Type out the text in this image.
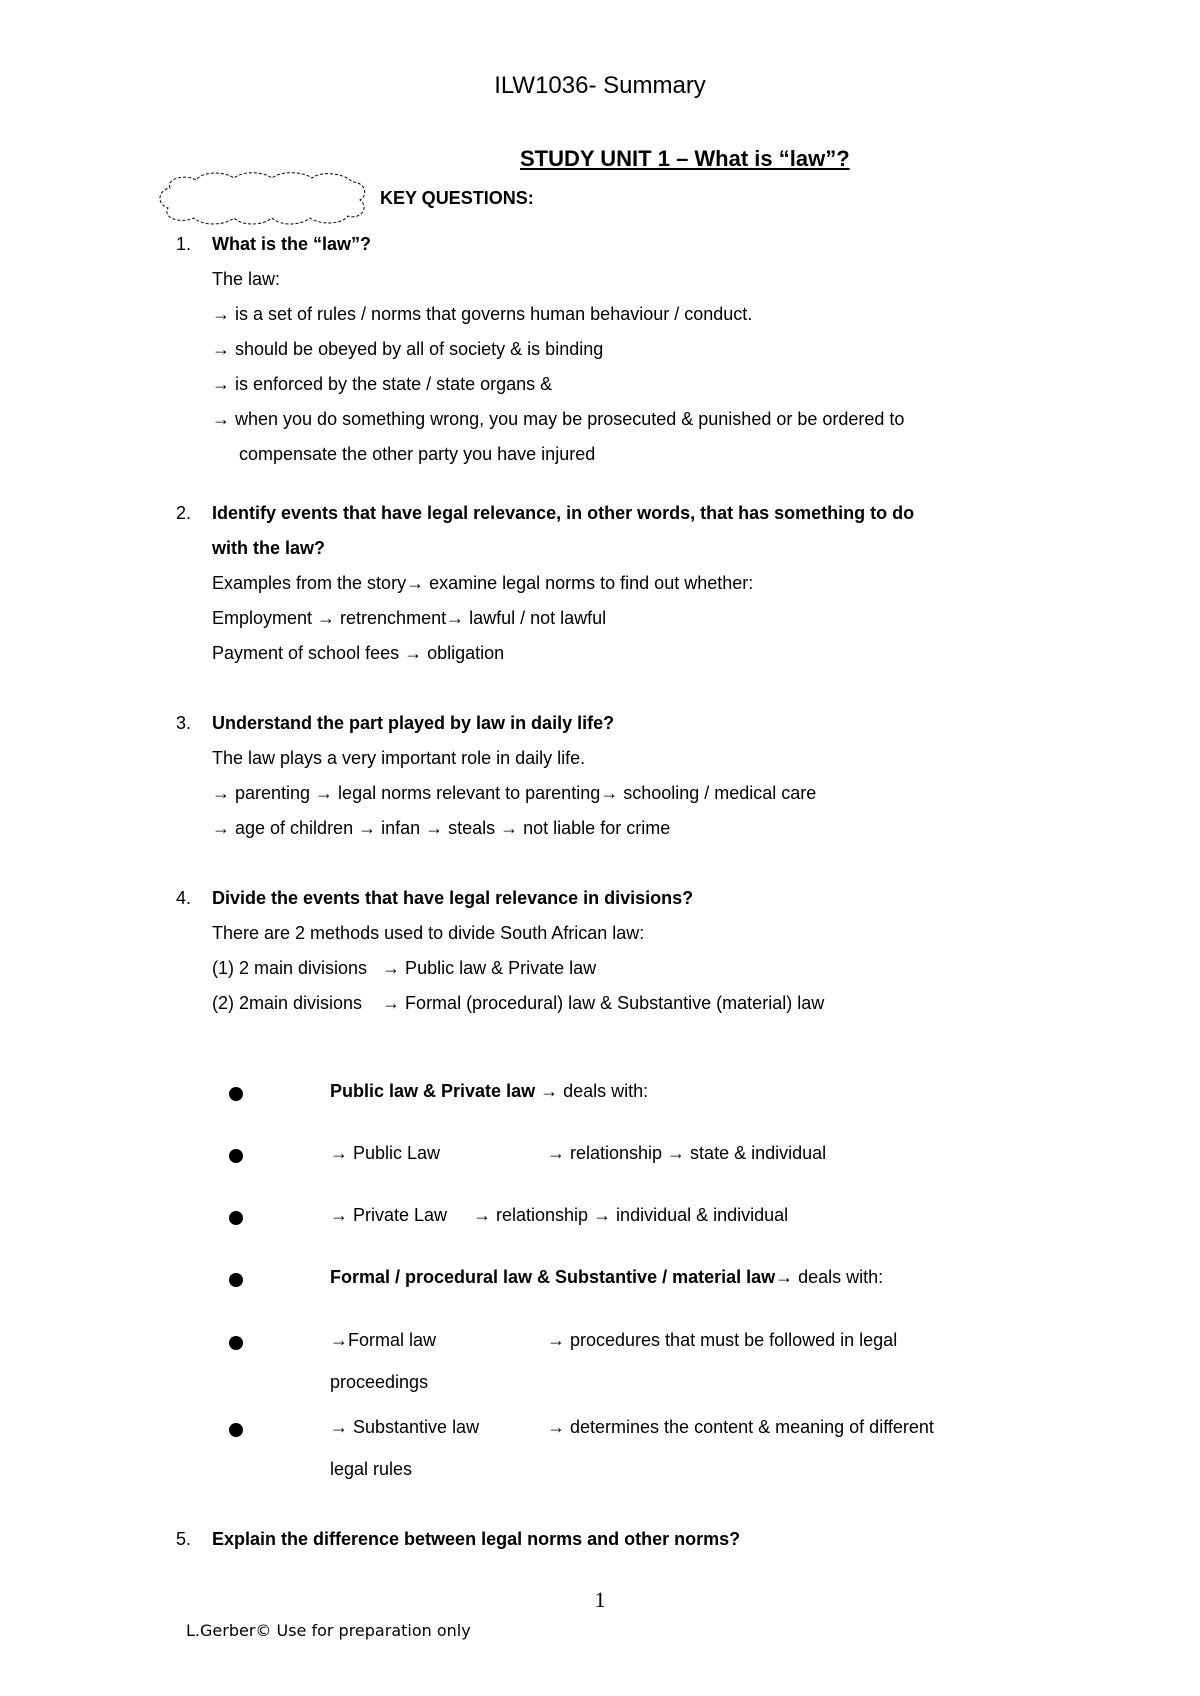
ILW1036- Summary
STUDY UNIT 1 – What is “law”?
KEY QUESTIONS:
1. What is the “law”?
The law:
→ is a set of rules / norms that governs human behaviour / conduct.
→ should be obeyed by all of society & is binding
→ is enforced by the state / state organs &
→ when you do something wrong, you may be prosecuted & punished or be ordered to
compensate the other party you have injured
2. Identify events that have legal relevance, in other words, that has something to do
with the law?
Examples from the story→ examine legal norms to find out whether:
Employment → retrenchment→ lawful / not lawful
Payment of school fees → obligation
3. Understand the part played by law in daily life?
The law plays a very important role in daily life.
→ parenting → legal norms relevant to parenting→ schooling / medical care
→ age of children → infan → steals → not liable for crime
4. Divide the events that have legal relevance in divisions?
There are 2 methods used to divide South African law:
(1) 2 main divisions   → Public law & Private law
(2) 2main divisions    → Formal (procedural) law & Substantive (material) law
Public law & Private law → deals with:
→ Public Law	→ relationship → state & individual
→ Private Law → relationship → individual & individual
Formal / procedural law & Substantive / material law→ deals with:
→Formal law	→ procedures that must be followed in legal
proceedings
→ Substantive law	→ determines the content & meaning of different
legal rules
5. Explain the difference between legal norms and other norms?
1
L.Gerber© Use for preparation only
